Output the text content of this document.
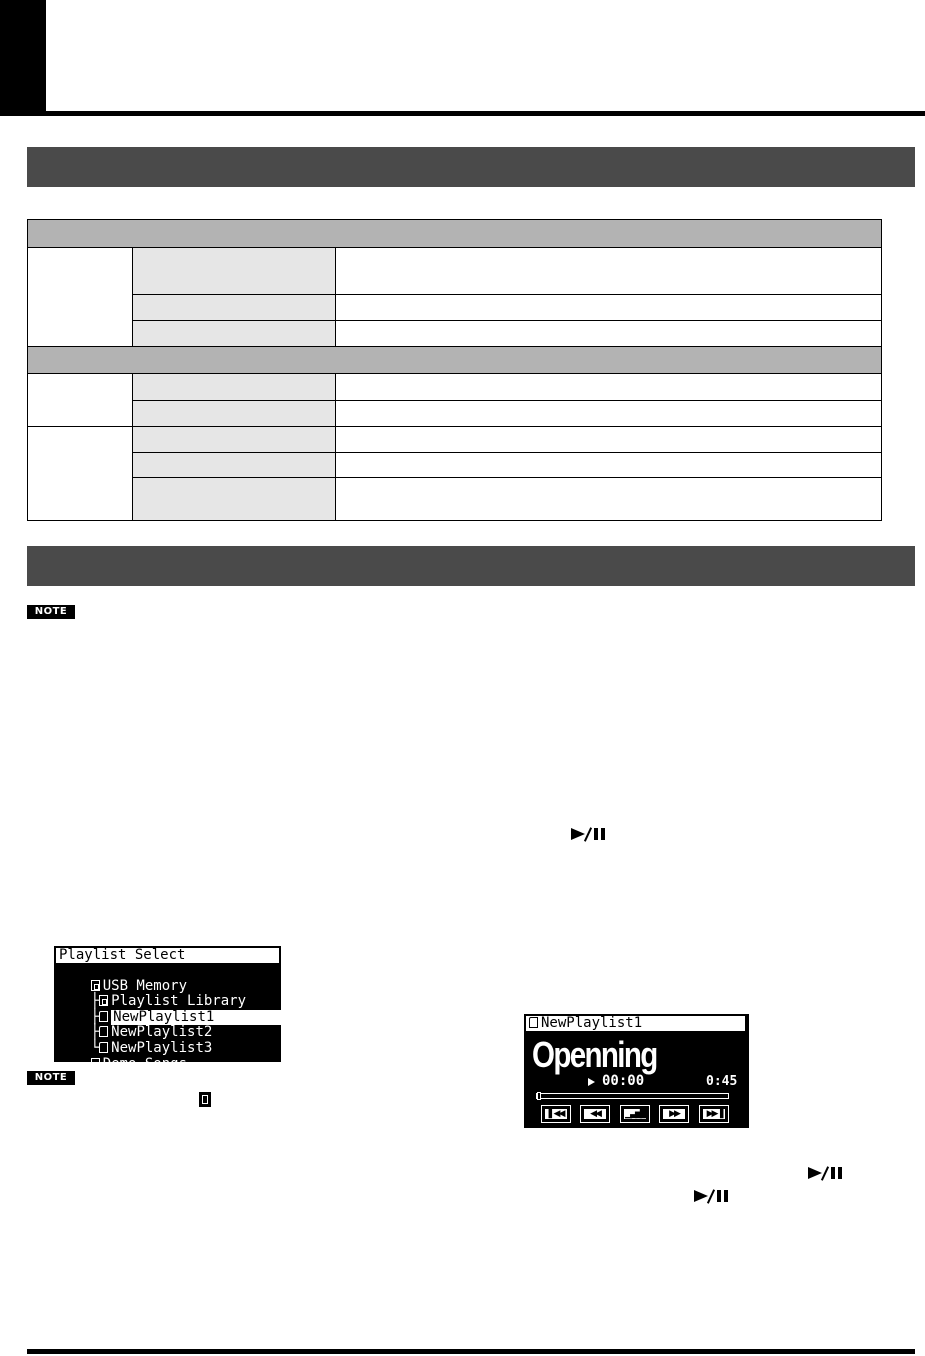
NOTE
Playlist Select

USB Memory

├ Playlist Library

├ NewPlaylist1

├ NewPlaylist2

└ NewPlaylist3

Demo Songs

NOTE
NewPlaylist1
Openning
00:00	0:45
▌◀◀	◀◀	▁▃▅▇	▶▶	▶▶▐
